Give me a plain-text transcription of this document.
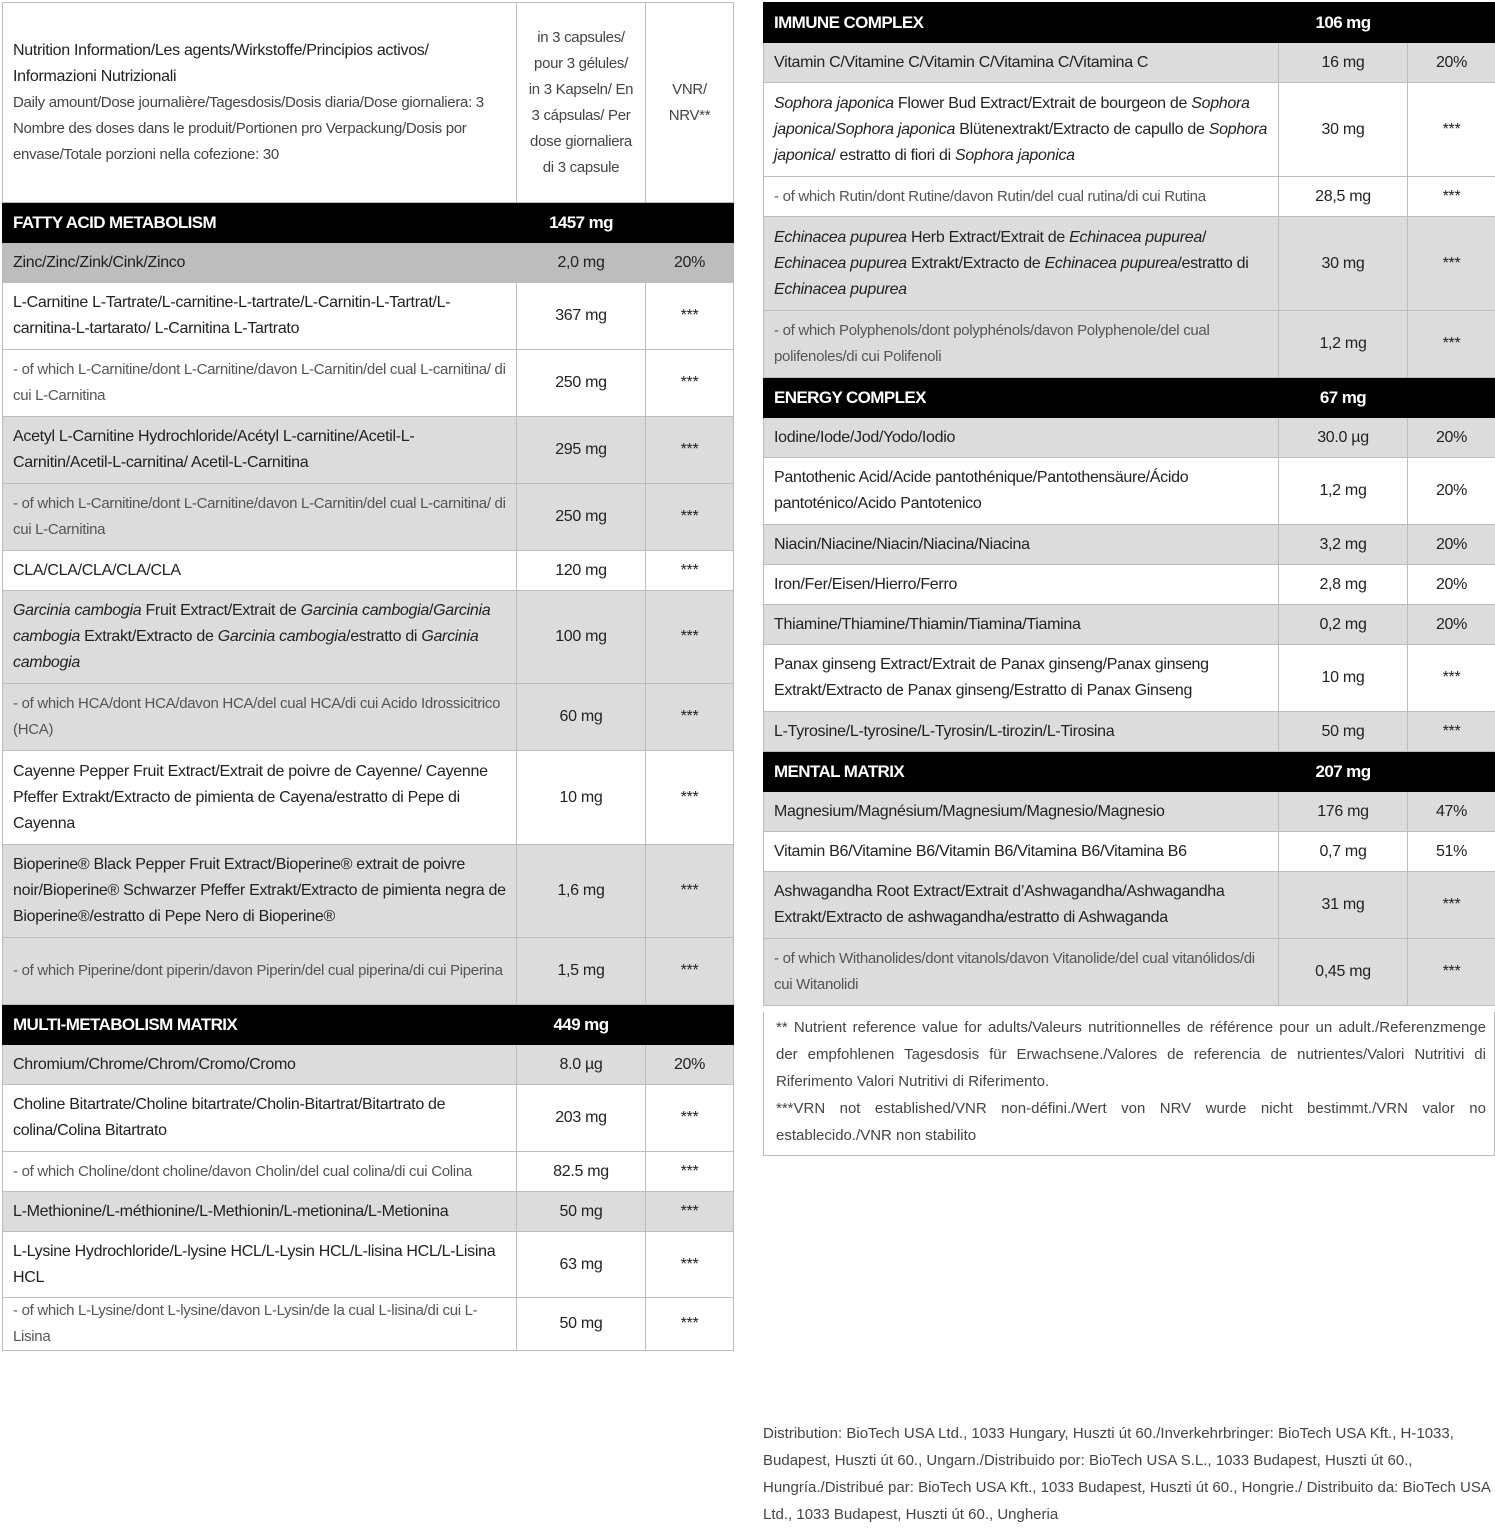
Nutrition Information/Les agents/Wirkstoffe/Principios activos/
Informazioni Nutrizionali
Daily amount/Dose journalière/Tagesdosis/Dosis diaria/Dose giornaliera: 3
Nombre des doses dans le produit/Portionen pro Verpackung/Dosis por envase/Totale porzioni nella cofezione: 30	in 3 capsules/ pour 3 gélules/ in 3 Kapseln/ En 3 cápsulas/ Per dose giornaliera di 3 capsule	VNR/ NRV**
FATTY ACID METABOLISM	1457 mg	
Zinc/Zinc/Zink/Cink/Zinco	2,0 mg	20%
L-Carnitine L-Tartrate/L-carnitine-L-tartrate/L-Carnitin-L-Tartrat/L-carnitina-L-tartarato/ L-Carnitina L-Tartrato	367 mg	***
- of which L-Carnitine/dont L-Carnitine/davon L-Carnitin/del cual L-carnitina/ di cui L-Carnitina	250 mg	***
Acetyl L-Carnitine Hydrochloride/Acétyl L-carnitine/Acetil-L-Carnitin/Acetil-L-carnitina/ Acetil-L-Carnitina	295 mg	***
- of which L-Carnitine/dont L-Carnitine/davon L-Carnitin/del cual L-carnitina/ di cui L-Carnitina	250 mg	***
CLA/CLA/CLA/CLA/CLA	120 mg	***
Garcinia cambogia Fruit Extract/Extrait de Garcinia cambogia/Garcinia cambogia Extrakt/Extracto de Garcinia cambogia/estratto di Garcinia cambogia	100 mg	***
- of which HCA/dont HCA/davon HCA/del cual HCA/di cui Acido Idrossicitrico (HCA)	60 mg	***
Cayenne Pepper Fruit Extract/Extrait de poivre de Cayenne/ Cayenne Pfeffer Extrakt/Extracto de pimienta de Cayena/estratto di Pepe di Cayenna	10 mg	***
Bioperine® Black Pepper Fruit Extract/Bioperine® extrait de poivre noir/Bioperine® Schwarzer Pfeffer Extrakt/Extracto de pimienta negra de Bioperine®/estratto di Pepe Nero di Bioperine®	1,6 mg	***
- of which Piperine/dont piperin/davon Piperin/del cual piperina/di cui Piperina	1,5 mg	***
MULTI-METABOLISM MATRIX	449 mg	
Chromium/Chrome/Chrom/Cromo/Cromo	8.0 µg	20%
Choline Bitartrate/Choline bitartrate/Cholin-Bitartrat/Bitartrato de colina/Colina Bitartrato	203 mg	***
- of which Choline/dont choline/davon Cholin/del cual colina/di cui Colina	82.5 mg	***
L-Methionine/L-méthionine/L-Methionin/L-metionina/L-Metionina	50 mg	***
L-Lysine Hydrochloride/L-lysine HCL/L-Lysin HCL/L-lisina HCL/L-Lisina HCL	63 mg	***
- of which L-Lysine/dont L-lysine/davon L-Lysin/de la cual L-lisina/di cui L-Lisina	50 mg	***
IMMUNE COMPLEX	106 mg	
Vitamin C/Vitamine C/Vitamin C/Vitamina C/Vitamina C	16 mg	20%
Sophora japonica Flower Bud Extract/Extrait de bourgeon de Sophora japonica/Sophora japonica Blütenextrakt/Extracto de capullo de Sophora japonica/ estratto di fiori di Sophora japonica	30 mg	***
- of which Rutin/dont Rutine/davon Rutin/del cual rutina/di cui Rutina	28,5 mg	***
Echinacea pupurea Herb Extract/Extrait de Echinacea pupurea/ Echinacea pupurea Extrakt/Extracto de Echinacea pupurea/estratto di Echinacea pupurea	30 mg	***
- of which Polyphenols/dont polyphénols/davon Polyphenole/del cual polifenoles/di cui Polifenoli	1,2 mg	***
ENERGY COMPLEX	67 mg	
Iodine/Iode/Jod/Yodo/Iodio	30.0 µg	20%
Pantothenic Acid/Acide pantothénique/Pantothensäure/Ácido pantoténico/Acido Pantotenico	1,2 mg	20%
Niacin/Niacine/Niacin/Niacina/Niacina	3,2 mg	20%
Iron/Fer/Eisen/Hierro/Ferro	2,8 mg	20%
Thiamine/Thiamine/Thiamin/Tiamina/Tiamina	0,2 mg	20%
Panax ginseng Extract/Extrait de Panax ginseng/Panax ginseng Extrakt/Extracto de Panax ginseng/Estratto di Panax Ginseng	10 mg	***
L-Tyrosine/L-tyrosine/L-Tyrosin/L-tirozin/L-Tirosina	50 mg	***
MENTAL MATRIX	207 mg	
Magnesium/Magnésium/Magnesium/Magnesio/Magnesio	176 mg	47%
Vitamin B6/Vitamine B6/Vitamin B6/Vitamina B6/Vitamina B6	0,7 mg	51%
Ashwagandha Root Extract/Extrait d’Ashwagandha/Ashwagandha Extrakt/Extracto de ashwagandha/estratto di Ashwaganda	31 mg	***
- of which Withanolides/dont vitanols/davon Vitanolide/del cual vitanólidos/di cui Witanolidi	0,45 mg	***
** Nutrient reference value for adults/Valeurs nutritionnelles de référence pour un adult./Referenzmenge der empfohlenen Tagesdosis für Erwachsene./Valores de referencia de nutrientes/Valori Nutritivi di Riferimento Valori Nutritivi di Riferimento.
***VRN not established/VNR non-défini./Wert von NRV wurde nicht bestimmt./VRN valor no establecido./VNR non stabilito
Distribution: BioTech USA Ltd., 1033 Hungary, Huszti út 60./Inverkehrbringer: BioTech USA Kft., H-1033, Budapest, Huszti út 60., Ungarn./Distribuido por: BioTech USA S.L., 1033 Budapest, Huszti út 60., Hungría./Distribué par: BioTech USA Kft., 1033 Budapest, Huszti út 60., Hongrie./ Distribuito da: BioTech USA Ltd., 1033 Budapest, Huszti út 60., Ungheria
